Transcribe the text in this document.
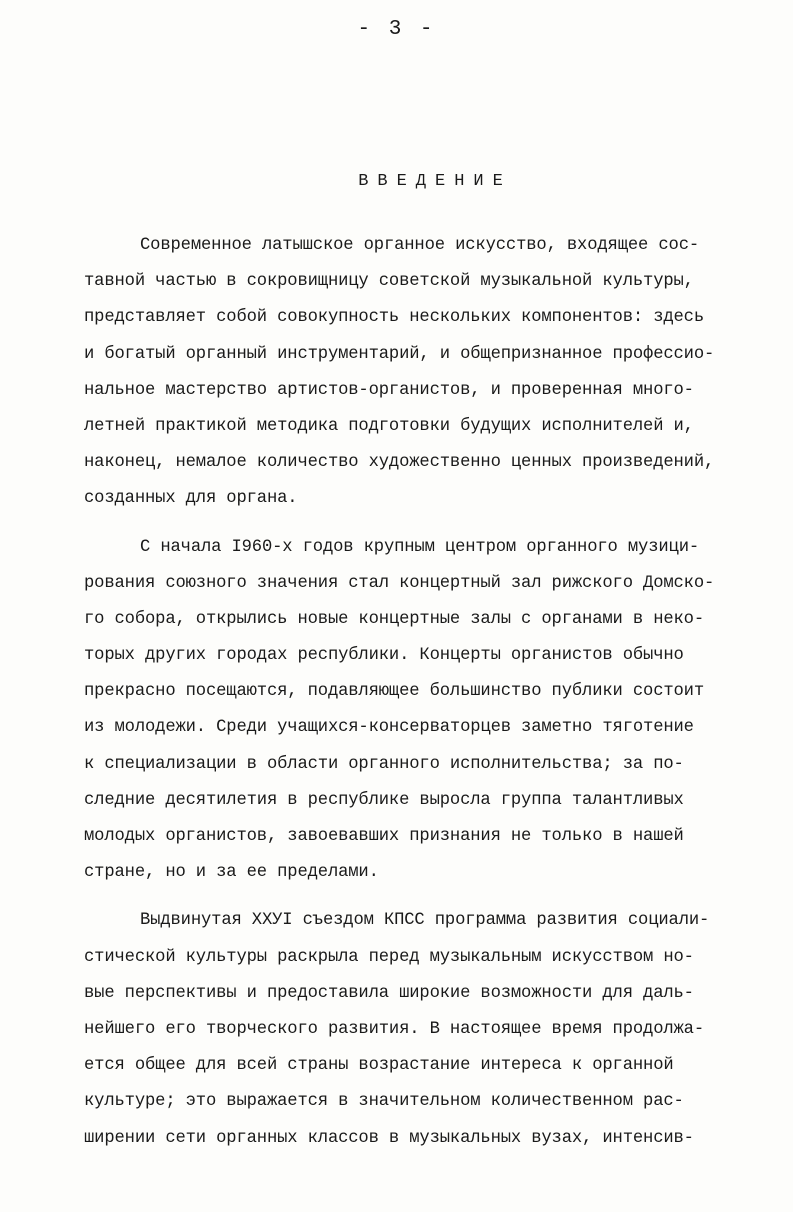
- 3 -
ВВЕДЕНИЕ
Современное латышское органное искусство, входящее сос-
тавной частью в сокровищницу советской музыкальной культуры,
представляет собой совокупность нескольких компонентов: здесь
и богатый органный инструментарий, и общепризнанное профессио-
нальное мастерство артистов-органистов, и проверенная много-
летней практикой методика подготовки будущих исполнителей и,
наконец, немалое количество художественно ценных произведений,
созданных для органа.
С начала I960-х годов крупным центром органного музици-
рования союзного значения стал концертный зал рижского Домско-
го собора, открылись новые концертные залы с органами в неко-
торых других городах республики. Концерты органистов обычно
прекрасно посещаются, подавляющее большинство публики состоит
из молодежи. Среди учащихся-консерваторцев заметно тяготение
к специализации в области органного исполнительства; за по-
следние десятилетия в республике выросла группа талантливых
молодых органистов, завоевавших признания не только в нашей
стране, но и за ее пределами.
Выдвинутая ХХУI съездом КПСС программа развития социали-
стической культуры раскрыла перед музыкальным искусством но-
вые перспективы и предоставила широкие возможности для даль-
нейшего его творческого развития. В настоящее время продолжа-
ется общее для всей страны возрастание интереса к органной
культуре; это выражается в значительном количественном рас-
ширении сети органных классов в музыкальных вузах, интенсив-
